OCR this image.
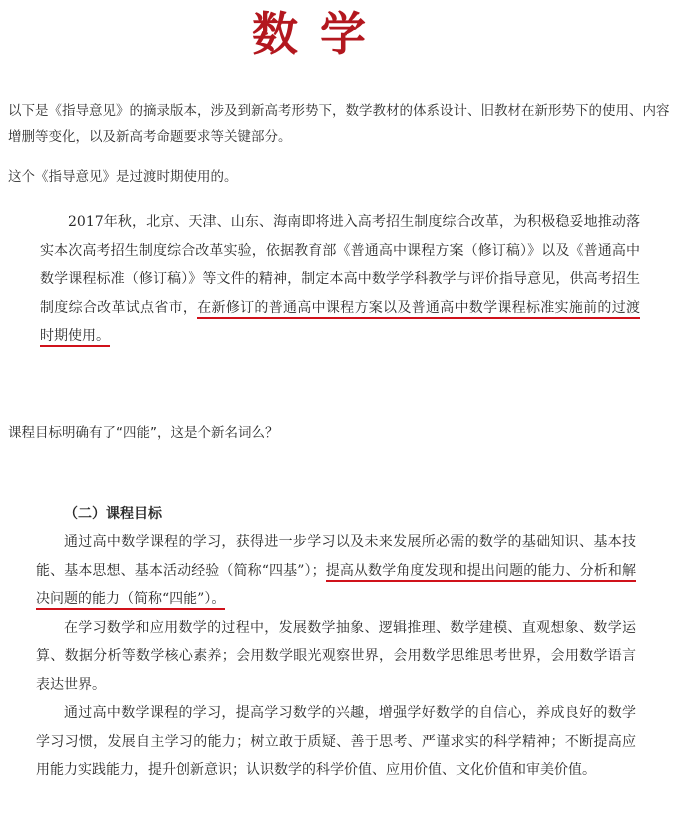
数学
以下是《指导意见》的摘录版本，涉及到新高考形势下，数学教材的体系设计、旧教材在新形势下的使用、内容增删等变化，以及新高考命题要求等关键部分。
这个《指导意见》是过渡时期使用的。

2017年秋，北京、天津、山东、海南即将进入高考招生制度综合改革，为积极稳妥地推动落实本次高考招生制度综合改革实验，依据教育部《普通高中课程方案（修订稿）》以及《普通高中数学课程标准（修订稿）》等文件的精神，制定本高中数学学科教学与评价指导意见，供高考招生制度综合改革试点省市，在新修订的普通高中课程方案以及普通高中数学课程标准实施前的过渡时期使用。

课程目标明确有了“四能”，这是个新名词么？

（二）课程目标

通过高中数学课程的学习，获得进一步学习以及未来发展所必需的数学的基础知识、基本技能、基本思想、基本活动经验（简称“四基”）；提高从数学角度发现和提出问题的能力、分析和解决问题的能力（简称“四能”）。

在学习数学和应用数学的过程中，发展数学抽象、逻辑推理、数学建模、直观想象、数学运算、数据分析等数学核心素养；会用数学眼光观察世界，会用数学思维思考世界，会用数学语言表达世界。

通过高中数学课程的学习，提高学习数学的兴趣，增强学好数学的自信心，养成良好的数学学习习惯，发展自主学习的能力；树立敢于质疑、善于思考、严谨求实的科学精神；不断提高应用能力实践能力，提升创新意识；认识数学的科学价值、应用价值、文化价值和审美价值。
